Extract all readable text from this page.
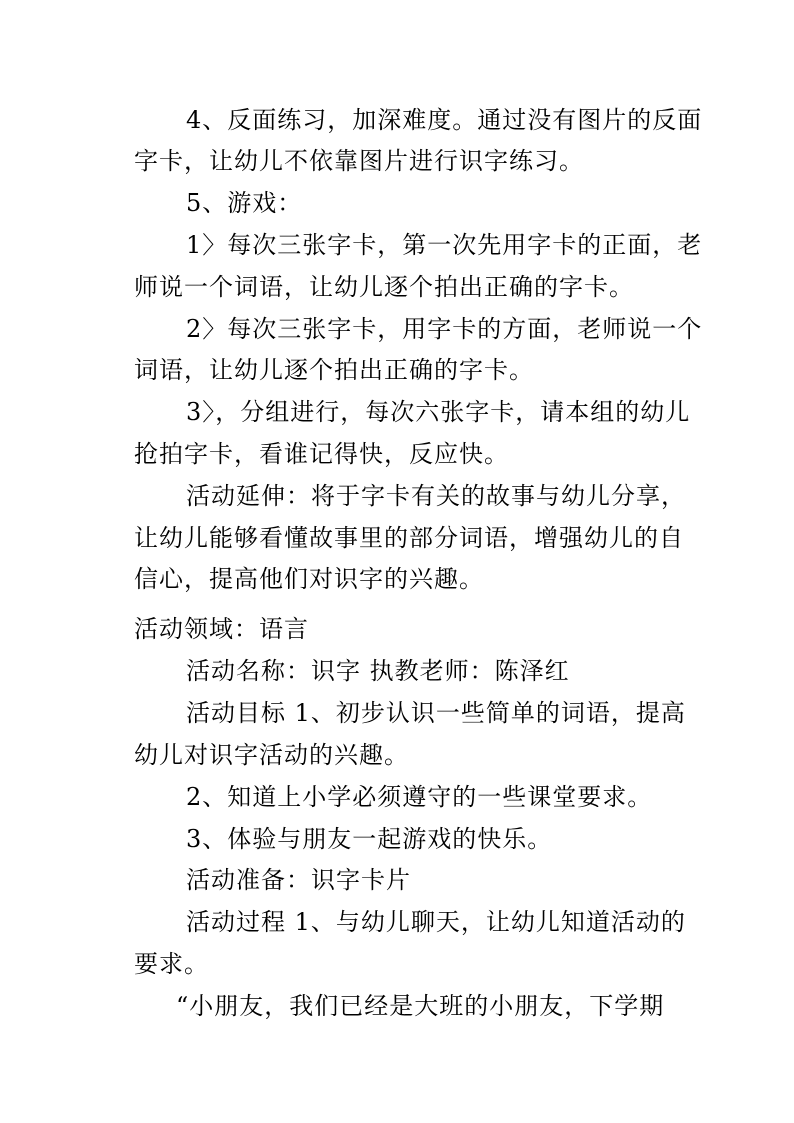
4、反面练习，加深难度。通过没有图片的反面
字卡，让幼儿不依靠图片进行识字练习。
5、游戏：
1〉每次三张字卡，第一次先用字卡的正面，老
师说一个词语，让幼儿逐个拍出正确的字卡。
2〉每次三张字卡，用字卡的方面，老师说一个
词语，让幼儿逐个拍出正确的字卡。
3〉，分组进行，每次六张字卡，请本组的幼儿
抢拍字卡，看谁记得快，反应快。
活动延伸：将于字卡有关的故事与幼儿分享，
让幼儿能够看懂故事里的部分词语，增强幼儿的自
信心，提高他们对识字的兴趣。
活动领域：语言
活动名称：识字 执教老师：陈泽红
活动目标 1、初步认识一些简单的词语，提高
幼儿对识字活动的兴趣。
2、知道上小学必须遵守的一些课堂要求。
3、体验与朋友一起游戏的快乐。
活动准备：识字卡片
活动过程 1、与幼儿聊天，让幼儿知道活动的
要求。
“小朋友，我们已经是大班的小朋友，下学期
